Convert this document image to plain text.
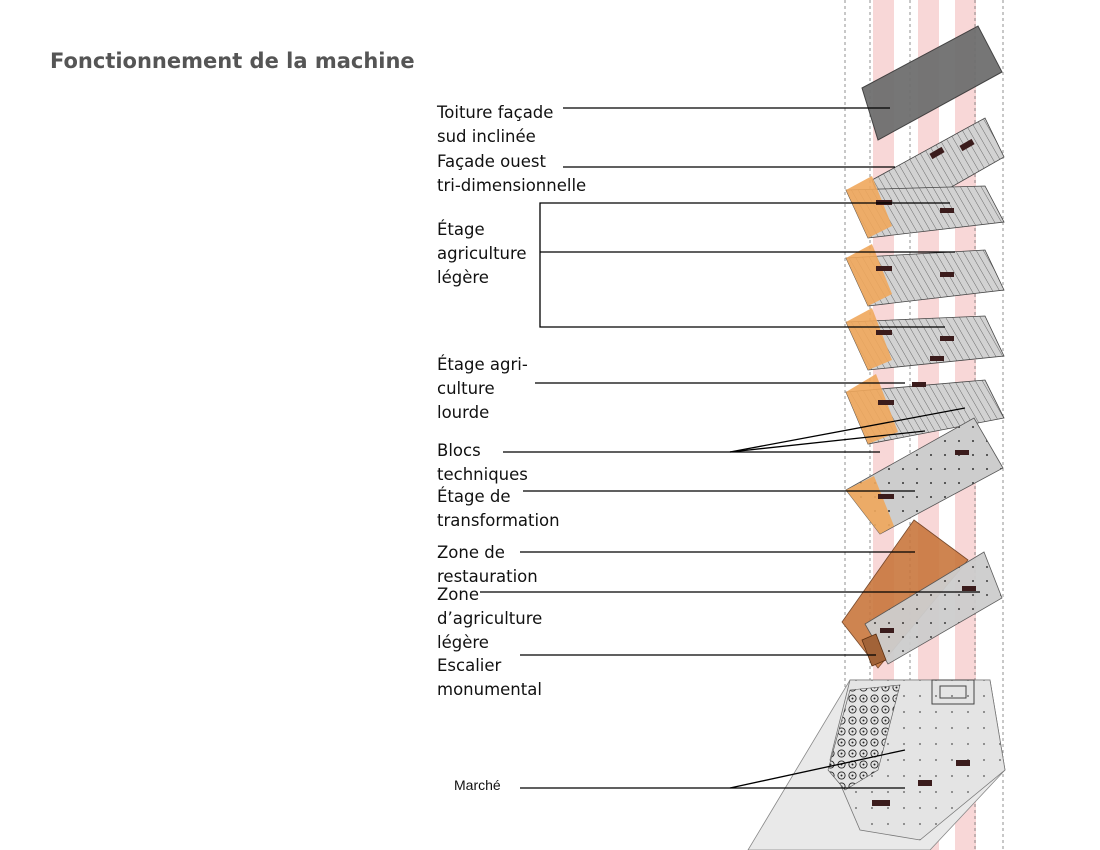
Fonctionnement de la machine
Toiture façade
sud inclinée
Façade ouest
tri-dimensionnelle
Étage
agriculture
légère
Étage agri-
culture
lourde
Blocs
techniques
Étage de
transformation
Zone de
restauration
Zone
d’agriculture
légère
Escalier
monumental
Marché
